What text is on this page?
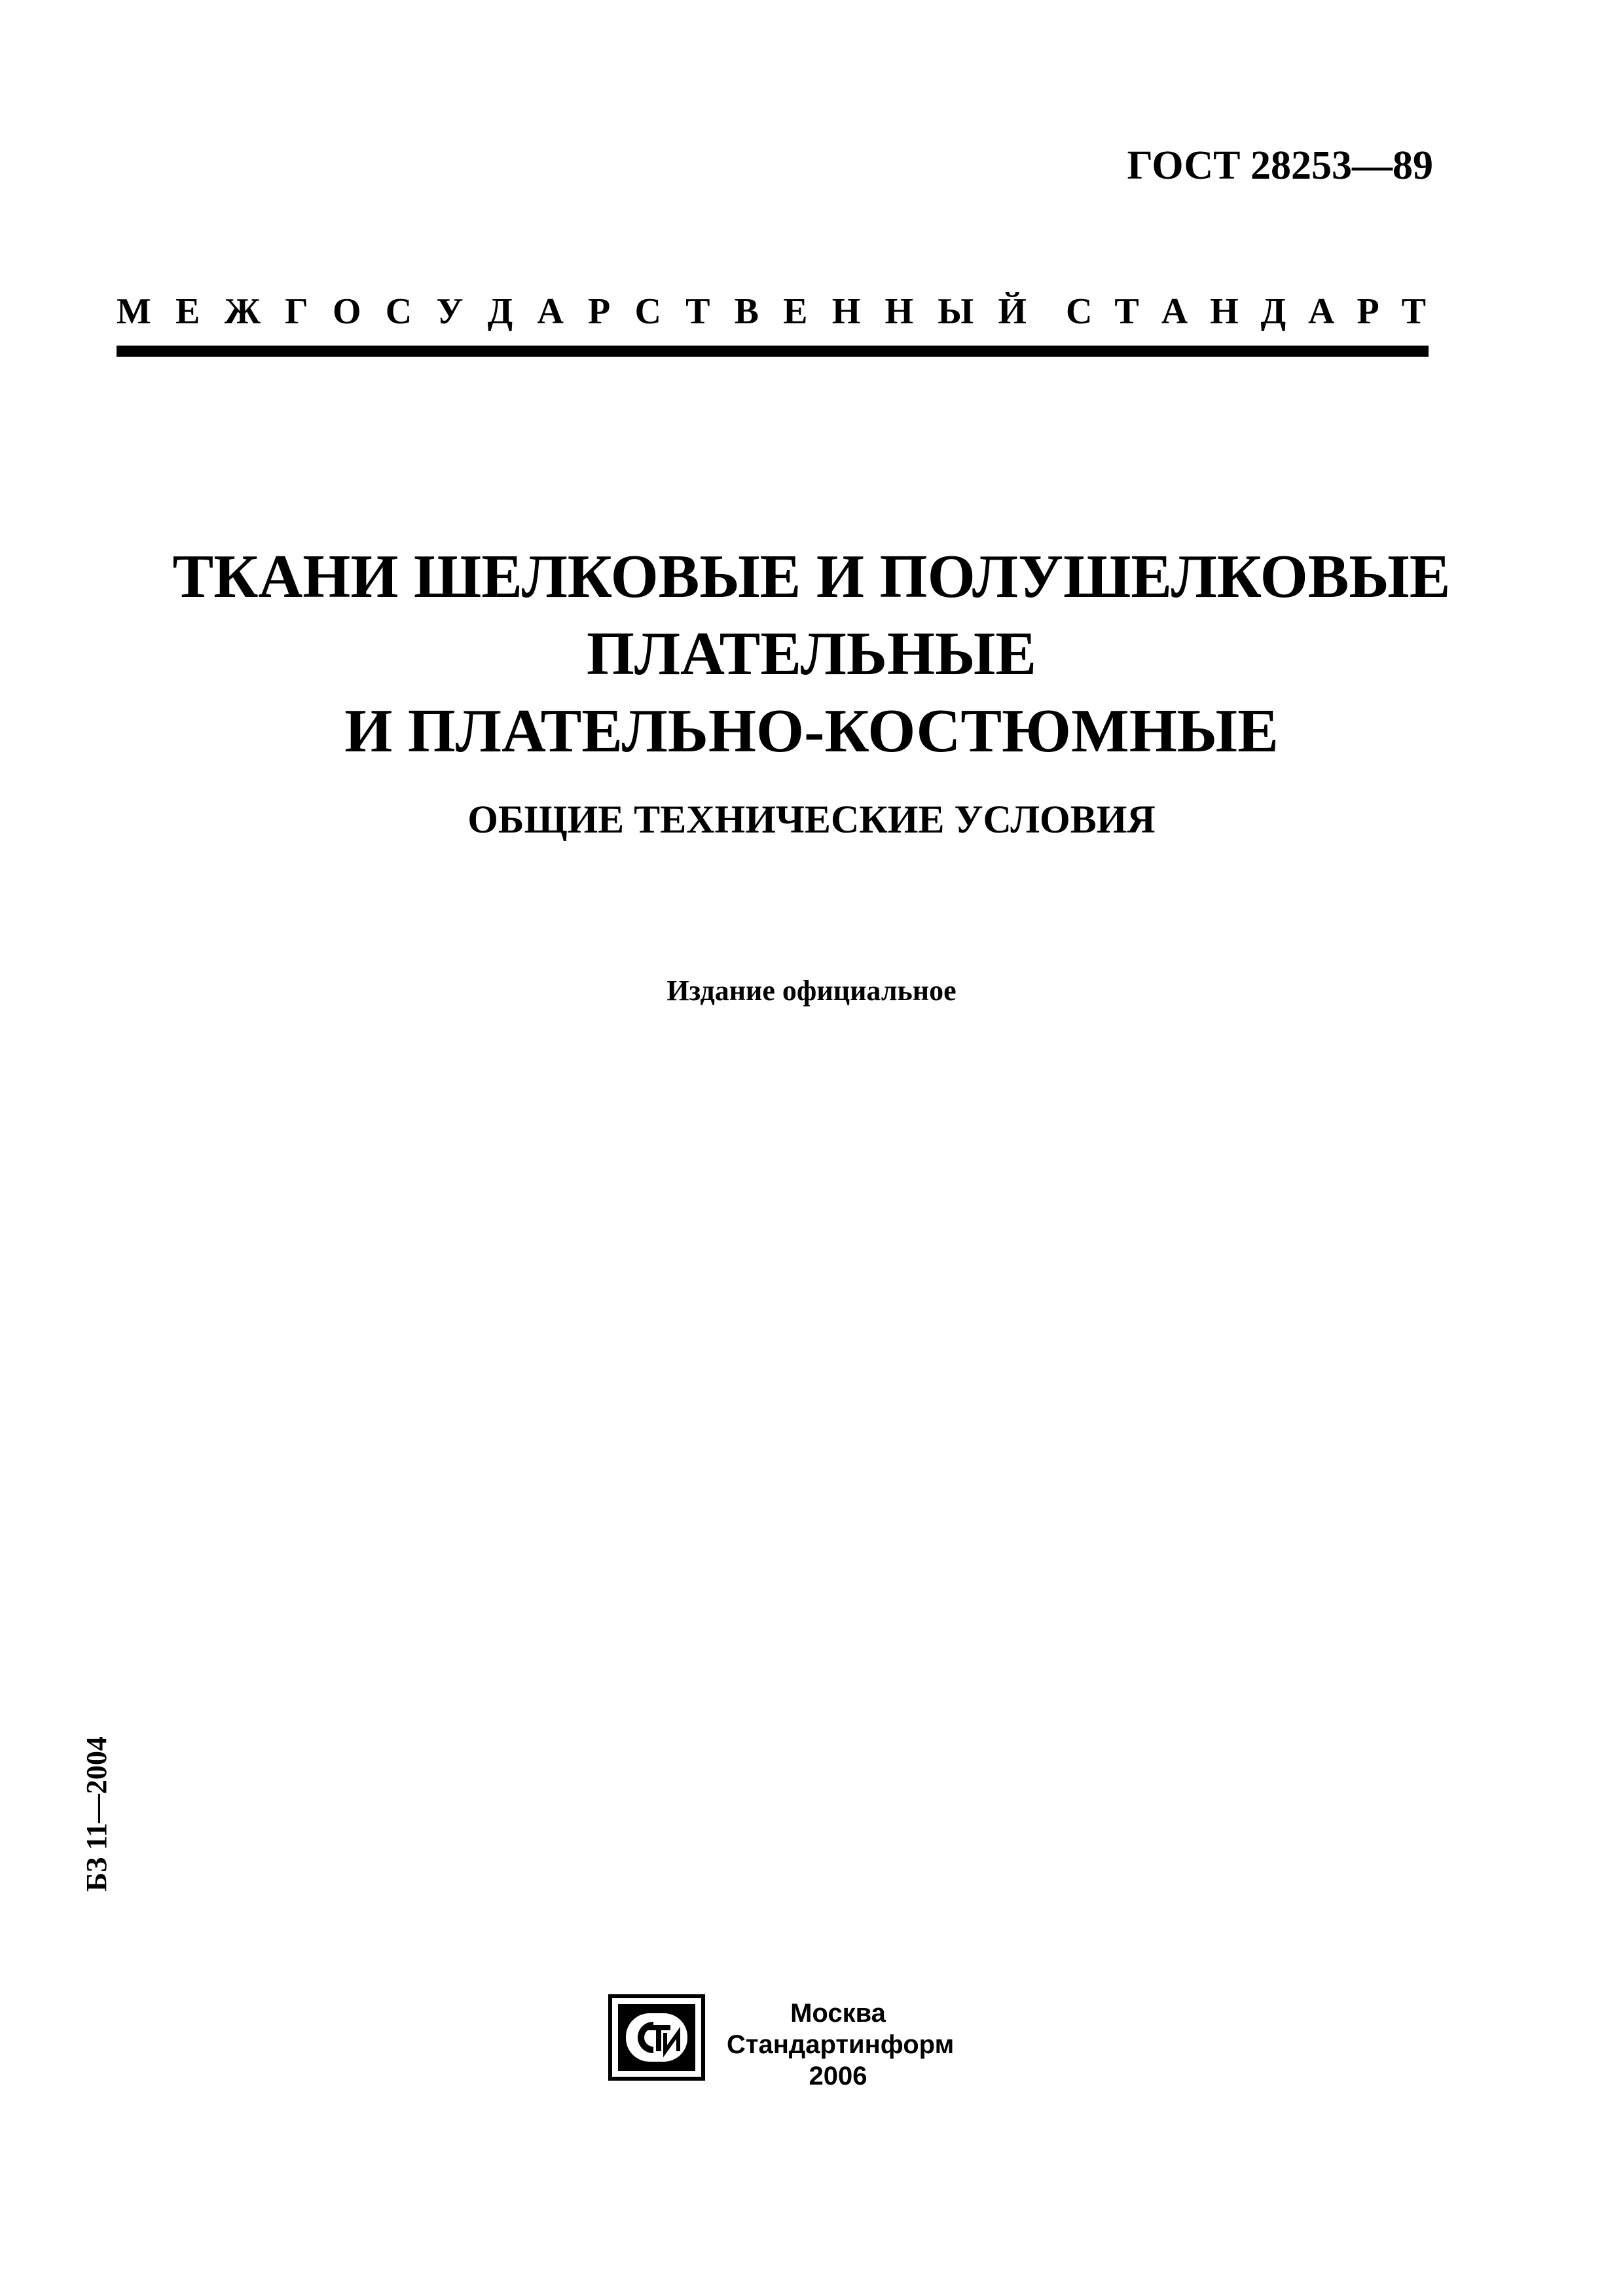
ГОСТ 28253—89
М Е Ж Г О С У Д А Р С Т В Е Н Н Ы Й С Т А Н Д А Р Т
ТКАНИ ШЕЛКОВЫЕ И ПОЛУШЕЛКОВЫЕ
ПЛАТЕЛЬНЫЕ
И ПЛАТЕЛЬНО-КОСТЮМНЫЕ
ОБЩИЕ ТЕХНИЧЕСКИЕ УСЛОВИЯ
Издание официальное
БЗ 11—2004
Москва
Стандартинформ
2006
